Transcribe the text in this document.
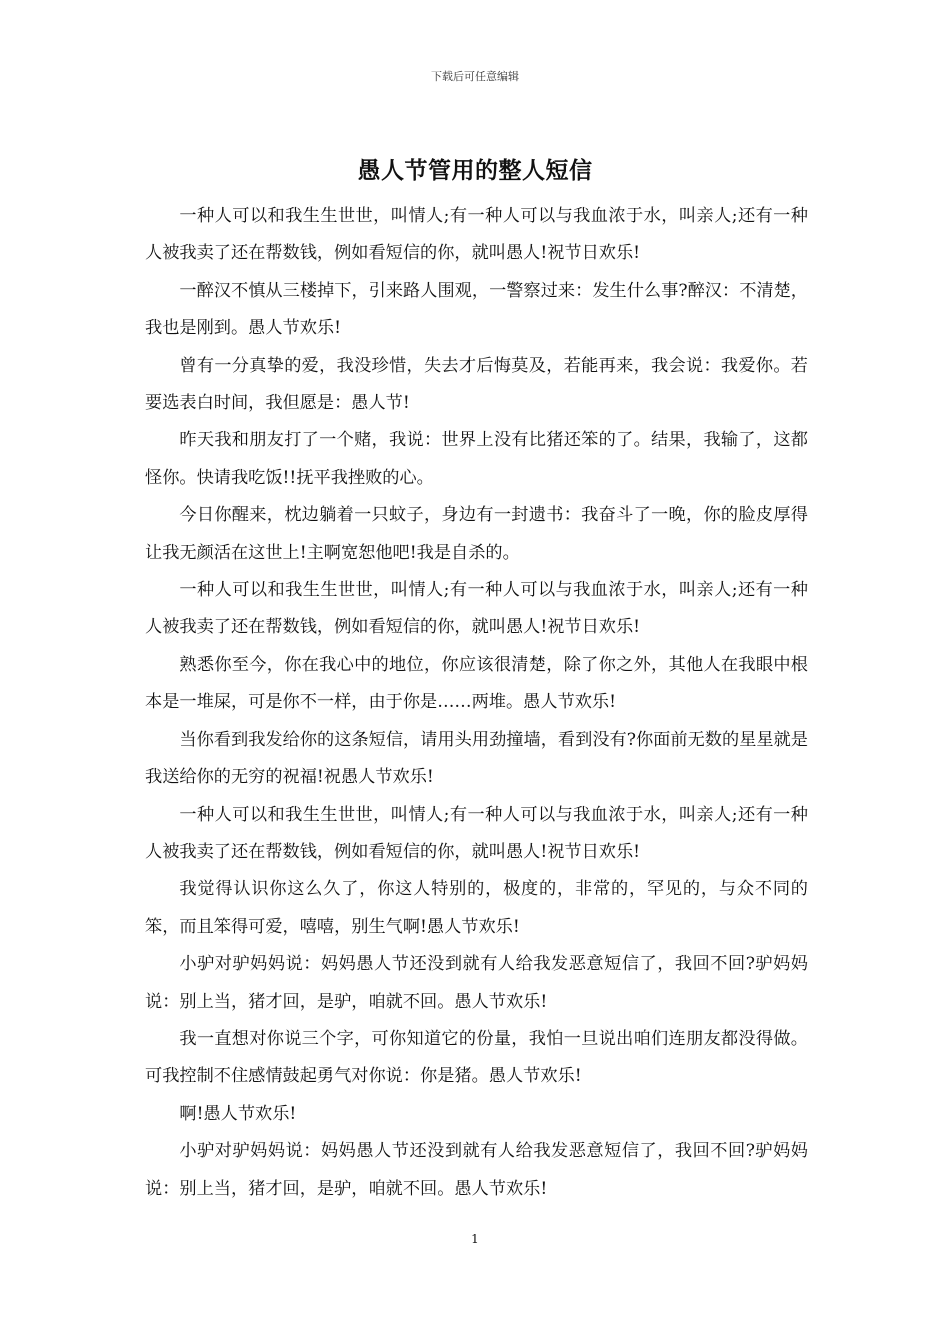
下载后可任意编辑
愚人节管用的整人短信

一种人可以和我生生世世，叫情人;有一种人可以与我血浓于水，叫亲人;还有一种人被我卖了还在帮数钱，例如看短信的你，就叫愚人!祝节日欢乐!

一醉汉不慎从三楼掉下，引来路人围观，一警察过来：发生什么事?醉汉：不清楚，我也是刚到。愚人节欢乐!

曾有一分真挚的爱，我没珍惜，失去才后悔莫及，若能再来，我会说：我爱你。若要选表白时间，我但愿是：愚人节!

昨天我和朋友打了一个赌，我说：世界上没有比猪还笨的了。结果，我输了，这都怪你。快请我吃饭!!抚平我挫败的心。

今日你醒来，枕边躺着一只蚊子，身边有一封遗书：我奋斗了一晚，你的脸皮厚得让我无颜活在这世上!主啊宽恕他吧!我是自杀的。

一种人可以和我生生世世，叫情人;有一种人可以与我血浓于水，叫亲人;还有一种人被我卖了还在帮数钱，例如看短信的你，就叫愚人!祝节日欢乐!

熟悉你至今，你在我心中的地位，你应该很清楚，除了你之外，其他人在我眼中根本是一堆屎，可是你不一样，由于你是……两堆。愚人节欢乐!

当你看到我发给你的这条短信，请用头用劲撞墙，看到没有?你面前无数的星星就是我送给你的无穷的祝福!祝愚人节欢乐!

一种人可以和我生生世世，叫情人;有一种人可以与我血浓于水，叫亲人;还有一种人被我卖了还在帮数钱，例如看短信的你，就叫愚人!祝节日欢乐!

我觉得认识你这么久了，你这人特别的，极度的，非常的，罕见的，与众不同的笨，而且笨得可爱，嘻嘻，别生气啊!愚人节欢乐!

小驴对驴妈妈说：妈妈愚人节还没到就有人给我发恶意短信了，我回不回?驴妈妈说：别上当，猪才回，是驴，咱就不回。愚人节欢乐!

我一直想对你说三个字，可你知道它的份量，我怕一旦说出咱们连朋友都没得做。可我控制不住感情鼓起勇气对你说：你是猪。愚人节欢乐!

啊!愚人节欢乐!

小驴对驴妈妈说：妈妈愚人节还没到就有人给我发恶意短信了，我回不回?驴妈妈说：别上当，猪才回，是驴，咱就不回。愚人节欢乐!

1
